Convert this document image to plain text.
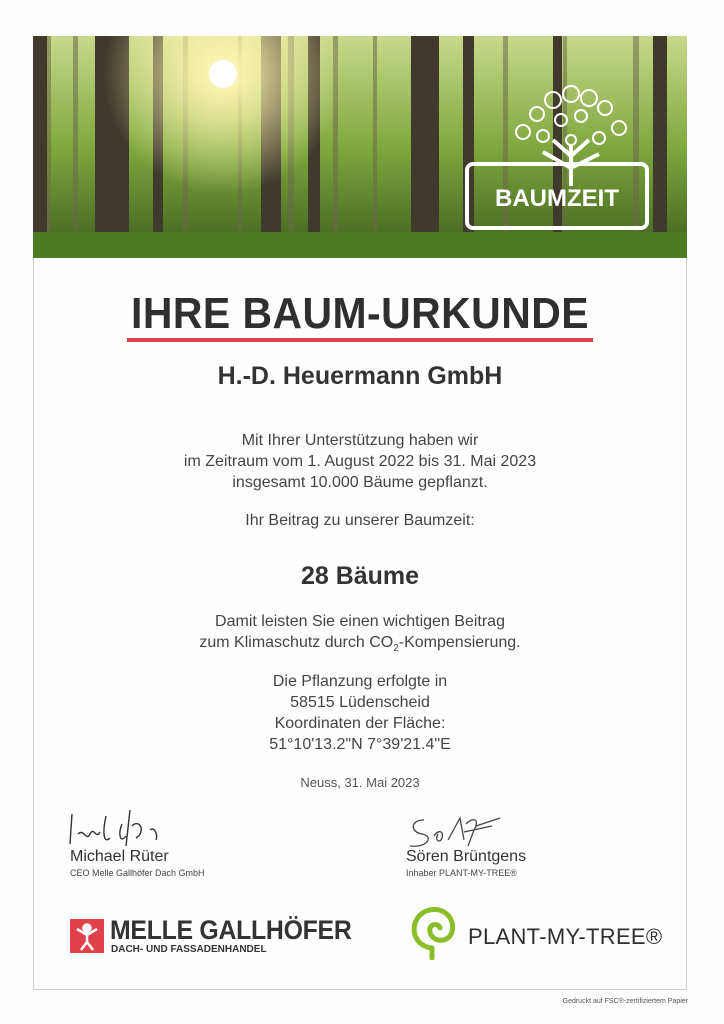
BAUMZEIT
IHRE BAUM-URKUNDE
H.-D. Heuermann GmbH
Mit Ihrer Unterstützung haben wir
im Zeitraum vom 1. August 2022 bis 31. Mai 2023
insgesamt 10.000 Bäume gepflanzt.
Ihr Beitrag zu unserer Baumzeit:
28 Bäume
Damit leisten Sie einen wichtigen Beitrag
zum Klimaschutz durch $CO_2$-Kompensierung.
Die Pflanzung erfolgte in
58515 Lüdenscheid
Koordinaten der Fläche:
51°10'13.2"N 7°39'21.4"E
Neuss, 31. Mai 2023
Michael Rüter
CEO Melle Gallhöfer Dach GmbH
Sören Brüntgens
Inhaber PLANT-MY-TREE®
MELLE GALLHÖFER
DACH- UND FASSADENHANDEL
PLANT-MY-TREE®
Gedruckt auf FSC®-zertifiziertem Papier
